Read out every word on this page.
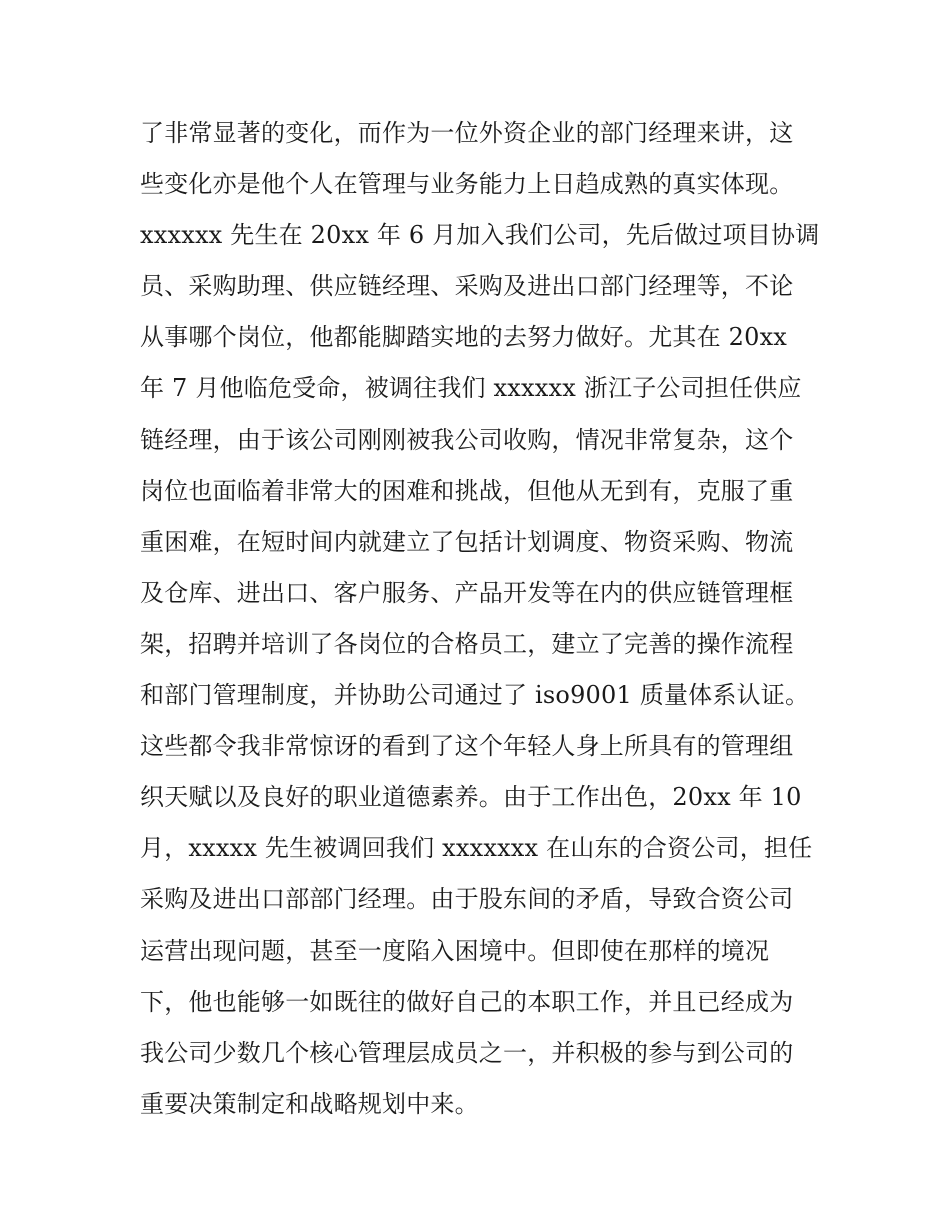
了非常显著的变化，而作为一位外资企业的部门经理来讲，这
些变化亦是他个人在管理与业务能力上日趋成熟的真实体现。
xxxxxx 先生在 20xx 年 6 月加入我们公司，先后做过项目协调
员、采购助理、供应链经理、采购及进出口部门经理等，不论
从事哪个岗位，他都能脚踏实地的去努力做好。尤其在 20xx
年 7 月他临危受命，被调往我们 xxxxxx 浙江子公司担任供应
链经理，由于该公司刚刚被我公司收购，情况非常复杂，这个
岗位也面临着非常大的困难和挑战，但他从无到有，克服了重
重困难，在短时间内就建立了包括计划调度、物资采购、物流
及仓库、进出口、客户服务、产品开发等在内的供应链管理框
架，招聘并培训了各岗位的合格员工，建立了完善的操作流程
和部门管理制度，并协助公司通过了 iso9001 质量体系认证。
这些都令我非常惊讶的看到了这个年轻人身上所具有的管理组
织天赋以及良好的职业道德素养。由于工作出色，20xx 年 10
月，xxxxx 先生被调回我们 xxxxxxx 在山东的合资公司，担任
采购及进出口部部门经理。由于股东间的矛盾，导致合资公司
运营出现问题，甚至一度陷入困境中。但即使在那样的境况
下，他也能够一如既往的做好自己的本职工作，并且已经成为
我公司少数几个核心管理层成员之一，并积极的参与到公司的
重要决策制定和战略规划中来。
